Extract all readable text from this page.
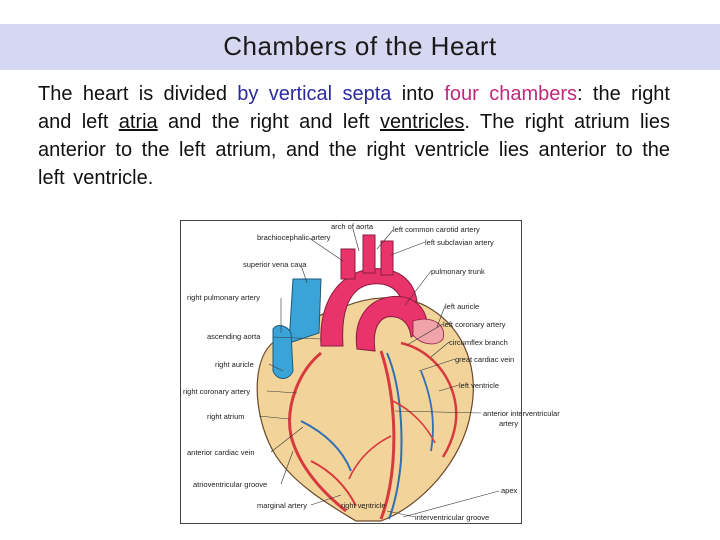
Chambers of the Heart
The heart is divided by vertical septa into four chambers: the right and left atria and the right and left ventricles. The right atrium lies anterior to the left atrium, and the right ventricle lies anterior to the left ventricle.
arch of aorta	left common carotid artery
brachiocephalic artery
left subclavian artery
superior vena cava
pulmonary trunk
right pulmonary artery
left auricle
left coronary artery
ascending aorta
circumflex branch
great cardiac vein
right auricle
left ventricle
right coronary artery
right atrium	anterior interventricular
artery
anterior cardiac vein
atrioventricular groove
apex
marginal artery	right ventricle
interventricular groove
